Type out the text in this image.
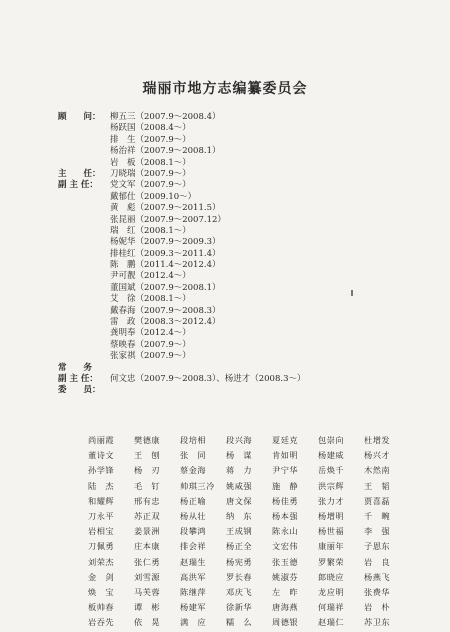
瑞丽市地方志编纂委员会
顾　　问：	柳五三（2007.9～2008.4）
杨跃国（2008.4～）
排　生（2007.9～）
杨治祥（2007.9～2008.1）
岩　板（2008.1～）
主　　任：	刀晓瑞（2007.9～）
副 主 任：	党文军（2007.9～）
戴郁仕（2009.10～）
黄　彪（2007.9～2011.5）
张昆丽（2007.9～2007.12）
瑞　红（2008.1～）
杨妮华（2007.9～2009.3）
排桂红（2009.3～2011.4）
陈　鹏（2011.4～2012.4）
尹可靓（2012.4～）
董国斌（2007.9～2008.1）
艾　徐（2008.1～）
戴春海（2007.9～2008.3）
雷　政（2008.3～2012.4）
龚明奉（2012.4～）
蔡映春（2007.9～）
张家祺（2007.9～）
常　　务
副 主 任：	何文忠（2007.9～2008.3）、杨进才（2008.3～）
委　　员：
尚丽霞	樊德康	段培相	段兴海	夏廷克	包崇向	杜增发
董诗文	王　刨	张　同	杨　谋	肯如明	杨建威	杨兴才
孙学锋	杨　刃	蔡金海	蒋　力	尹宁华	岳焕千	木然南
陆　杰	毛　钉	帅琪三冷	姚咸强	施　静	洪宗辉	王　韬
和耀辉	邢有忠	杨正喻	唐文保	杨佳勇	张力才	贾喜磊
刀永平	苏正双	杨从壮	纳　东	杨本强	杨增明	千　畹
岩相宝	姜景洲	段攀鸿	王成钢	陈永山	杨世福	李　强
刀佩勇	庄本康	排会祥	杨正全	文宏伟	康丽年	子恩东
刘荣杰	张仁勇	赵瑞生	杨宪勇	张玉德	罗繁荣	岩　良
金　剑	刘雪源	高洪军	罗长春	姚淑芬	郎晓应	杨燕飞
焕　宝	马芙蓉	陈继萍	邓庆飞	左　昨	龙应明	张费华
板帅春	谭　彬	杨建军	徐新华	唐海燕	何瑞祥	岩　朴
岩吞先	依　晃	满　应	糯　么	周德银	赵瑞仁	苏卫东
